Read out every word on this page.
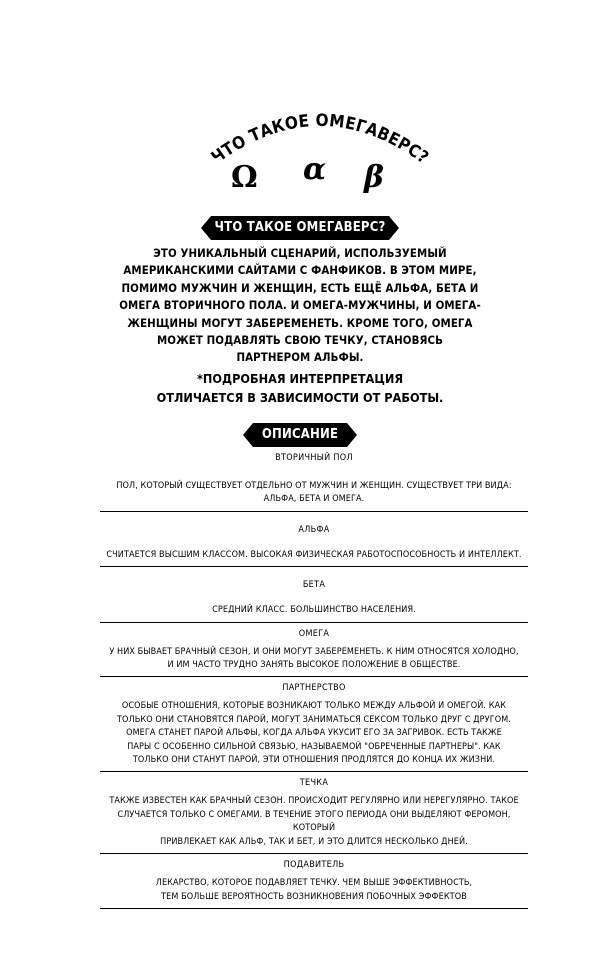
ЧТО ТАКОЕ ОМЕГАВЕРС?
Ω α β
ЧТО ТАКОЕ ОМЕГАВЕРС?
ЭТО УНИКАЛЬНЫЙ СЦЕНАРИЙ, ИСПОЛЬЗУЕМЫЙ
АМЕРИКАНСКИМИ САЙТАМИ С ФАНФИКОВ. В ЭТОМ МИРЕ,
ПОМИМО МУЖЧИН И ЖЕНЩИН, ЕСТЬ ЕЩЁ АЛЬФА, БЕТА И
ОМЕГА ВТОРИЧНОГО ПОЛА. И ОМЕГА-МУЖЧИНЫ, И ОМЕГА-
ЖЕНЩИНЫ МОГУТ ЗАБЕРЕМЕНЕТЬ. КРОМЕ ТОГО, ОМЕГА
МОЖЕТ ПОДАВЛЯТЬ СВОЮ ТЕЧКУ, СТАНОВЯСЬ
ПАРТНЕРОМ АЛЬФЫ.
*ПОДРОБНАЯ ИНТЕРПРЕТАЦИЯ
ОТЛИЧАЕТСЯ В ЗАВИСИМОСТИ ОТ РАБОТЫ.
ОПИСАНИЕ
ВТОРИЧНЫЙ ПОЛ
ПОЛ, КОТОРЫЙ СУЩЕСТВУЕТ ОТДЕЛЬНО ОТ МУЖЧИН И ЖЕНЩИН. СУЩЕСТВУЕТ ТРИ ВИДА: АЛЬФА, БЕТА И ОМЕГА.
АЛЬФА
СЧИТАЕТСЯ ВЫСШИМ КЛАССОМ. ВЫСОКАЯ ФИЗИЧЕСКАЯ РАБОТОСПОСОБНОСТЬ И ИНТЕЛЛЕКТ.
БЕТА
СРЕДНИЙ КЛАСС. БОЛЬШИНСТВО НАСЕЛЕНИЯ.
ОМЕГА
У НИХ БЫВАЕТ БРАЧНЫЙ СЕЗОН, И ОНИ МОГУТ ЗАБЕРЕМЕНЕТЬ. К НИМ ОТНОСЯТСЯ ХОЛОДНО,
И ИМ ЧАСТО ТРУДНО ЗАНЯТЬ ВЫСОКОЕ ПОЛОЖЕНИЕ В ОБЩЕСТВЕ.
ПАРТНЕРСТВО
ОСОБЫЕ ОТНОШЕНИЯ, КОТОРЫЕ ВОЗНИКАЮТ ТОЛЬКО МЕЖДУ АЛЬФОЙ И ОМЕГОЙ. КАК
ТОЛЬКО ОНИ СТАНОВЯТСЯ ПАРОЙ, МОГУТ ЗАНИМАТЬСЯ СЕКСОМ ТОЛЬКО ДРУГ С ДРУГОМ.
ОМЕГА СТАНЕТ ПАРОЙ АЛЬФЫ, КОГДА АЛЬФА УКУСИТ ЕГО ЗА ЗАГРИВОК. ЕСТЬ ТАКЖЕ
ПАРЫ С ОСОБЕННО СИЛЬНОЙ СВЯЗЬЮ, НАЗЫВАЕМОЙ "ОБРЕЧЕННЫЕ ПАРТНЕРЫ". КАК
ТОЛЬКО ОНИ СТАНУТ ПАРОЙ, ЭТИ ОТНОШЕНИЯ ПРОДЛЯТСЯ ДО КОНЦА ИХ ЖИЗНИ.
ТЕЧКА
ТАКЖЕ ИЗВЕСТЕН КАК БРАЧНЫЙ СЕЗОН. ПРОИСХОДИТ РЕГУЛЯРНО ИЛИ НЕРЕГУЛЯРНО. ТАКОЕ
СЛУЧАЕТСЯ ТОЛЬКО С ОМЕГАМИ. В ТЕЧЕНИЕ ЭТОГО ПЕРИОДА ОНИ ВЫДЕЛЯЮТ ФЕРОМОН, КОТОРЫЙ
ПРИВЛЕКАЕТ КАК АЛЬФ, ТАК И БЕТ, И ЭТО ДЛИТСЯ НЕСКОЛЬКО ДНЕЙ.
ПОДАВИТЕЛЬ
ЛЕКАРСТВО, КОТОРОЕ ПОДАВЛЯЕТ ТЕЧКУ. ЧЕМ ВЫШЕ ЭФФЕКТИВНОСТЬ,
ТЕМ БОЛЬШЕ ВЕРОЯТНОСТЬ ВОЗНИКНОВЕНИЯ ПОБОЧНЫХ ЭФФЕКТОВ
